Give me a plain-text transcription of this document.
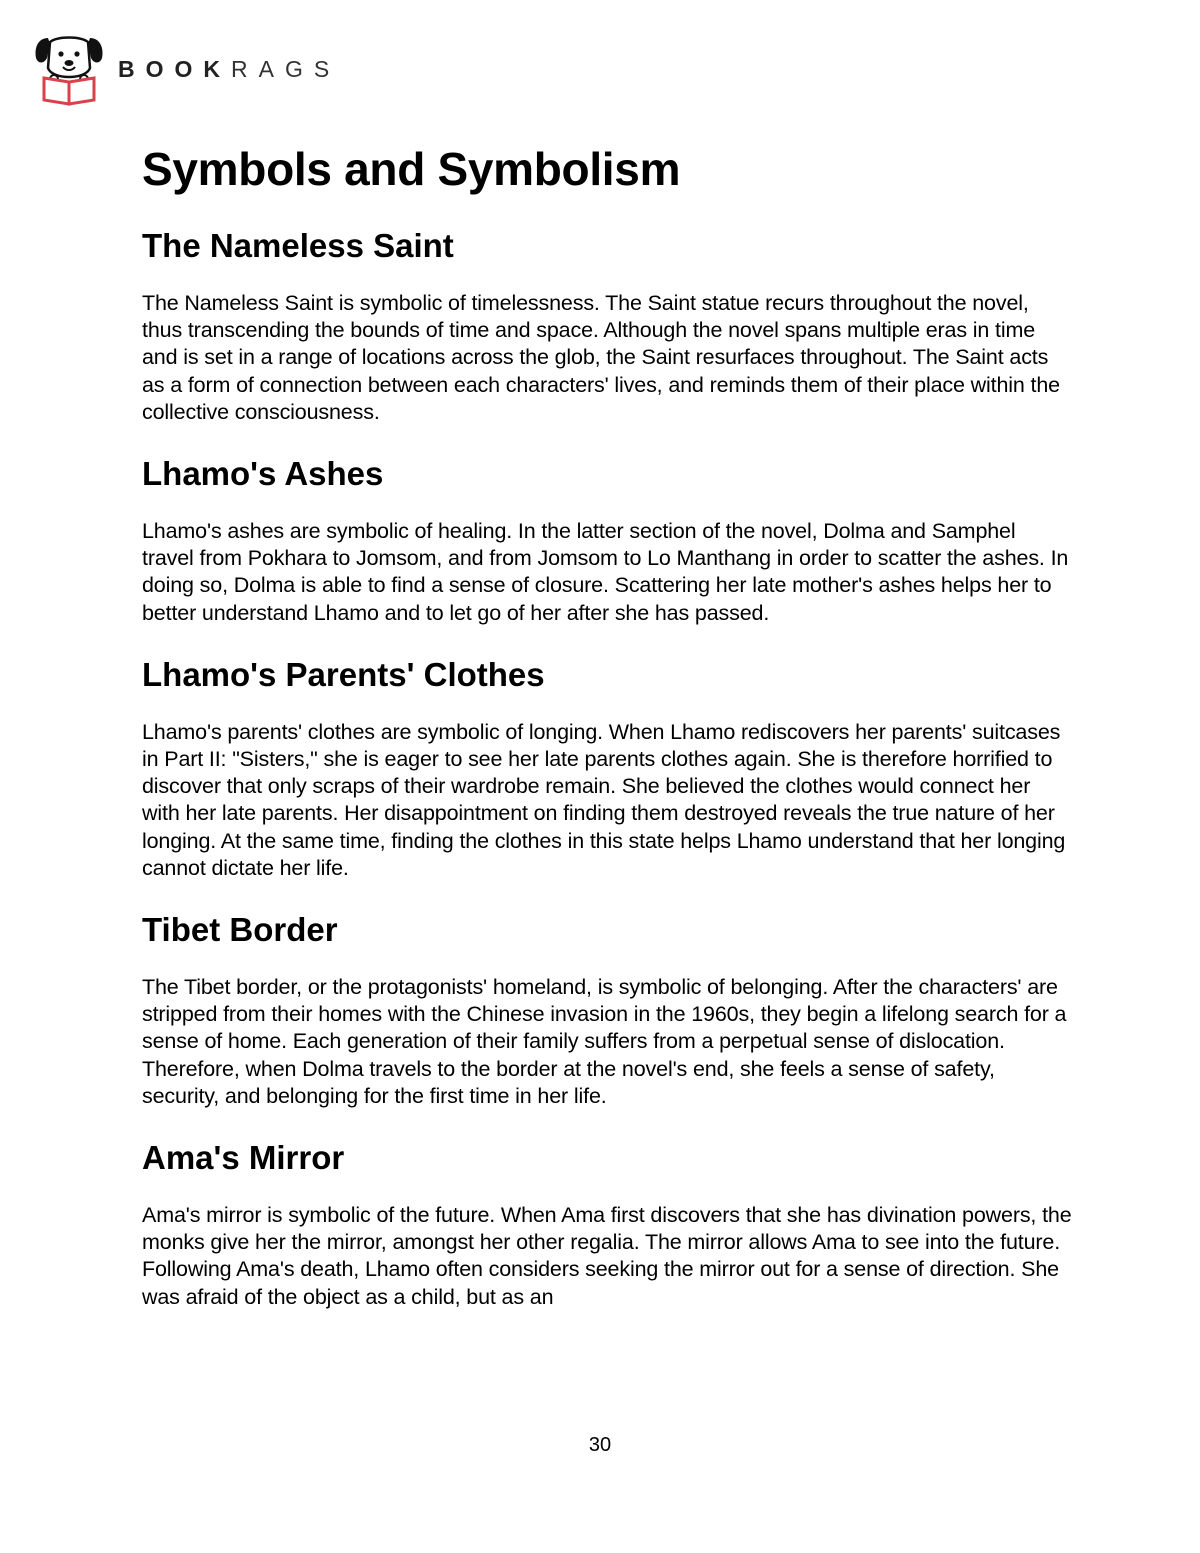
BOOKRAGS
Symbols and Symbolism
The Nameless Saint

The Nameless Saint is symbolic of timelessness. The Saint statue recurs throughout the novel, thus transcending the bounds of time and space. Although the novel spans multiple eras in time and is set in a range of locations across the glob, the Saint resurfaces throughout. The Saint acts as a form of connection between each characters' lives, and reminds them of their place within the collective consciousness.

Lhamo's Ashes

Lhamo's ashes are symbolic of healing. In the latter section of the novel, Dolma and Samphel travel from Pokhara to Jomsom, and from Jomsom to Lo Manthang in order to scatter the ashes. In doing so, Dolma is able to find a sense of closure. Scattering her late mother's ashes helps her to better understand Lhamo and to let go of her after she has passed.

Lhamo's Parents' Clothes

Lhamo's parents' clothes are symbolic of longing. When Lhamo rediscovers her parents' suitcases in Part II: "Sisters," she is eager to see her late parents clothes again. She is therefore horrified to discover that only scraps of their wardrobe remain. She believed the clothes would connect her with her late parents. Her disappointment on finding them destroyed reveals the true nature of her longing. At the same time, finding the clothes in this state helps Lhamo understand that her longing cannot dictate her life.

Tibet Border

The Tibet border, or the protagonists' homeland, is symbolic of belonging. After the characters' are stripped from their homes with the Chinese invasion in the 1960s, they begin a lifelong search for a sense of home. Each generation of their family suffers from a perpetual sense of dislocation. Therefore, when Dolma travels to the border at the novel's end, she feels a sense of safety, security, and belonging for the first time in her life.

Ama's Mirror

Ama's mirror is symbolic of the future. When Ama first discovers that she has divination powers, the monks give her the mirror, amongst her other regalia. The mirror allows Ama to see into the future. Following Ama's death, Lhamo often considers seeking the mirror out for a sense of direction. She was afraid of the object as a child, but as an

30
